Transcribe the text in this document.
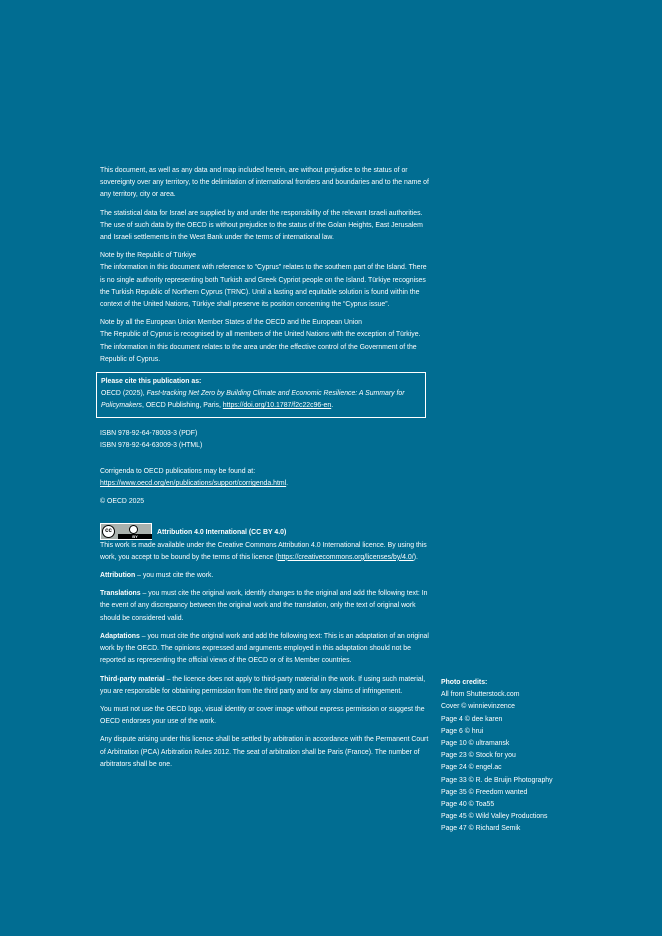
This document, as well as any data and map included herein, are without prejudice to the status of or sovereignty over any territory, to the delimitation of international frontiers and boundaries and to the name of any territory, city or area.

The statistical data for Israel are supplied by and under the responsibility of the relevant Israeli authorities. The use of such data by the OECD is without prejudice to the status of the Golan Heights, East Jerusalem and Israeli settlements in the West Bank under the terms of international law.

Note by the Republic of Türkiye

The information in this document with reference to “Cyprus” relates to the southern part of the Island. There is no single authority representing both Turkish and Greek Cypriot people on the Island. Türkiye recognises the Turkish Republic of Northern Cyprus (TRNC). Until a lasting and equitable solution is found within the context of the United Nations, Türkiye shall preserve its position concerning the “Cyprus issue”.

Note by all the European Union Member States of the OECD and the European Union

The Republic of Cyprus is recognised by all members of the United Nations with the exception of Türkiye. The information in this document relates to the area under the effective control of the Government of the Republic of Cyprus.

Please cite this publication as:
OECD (2025), Fast-tracking Net Zero by Building Climate and Economic Resilience: A Summary for Policymakers, OECD Publishing, Paris, https://doi.org/10.1787/f2c22c96-en.
ISBN 978-92-64-78003-3 (PDF)
ISBN 978-92-64-63009-3 (HTML)
Corrigenda to OECD publications may be found at:
https://www.oecd.org/en/publications/support/corrigenda.html.

© OECD 2025

cc
BY	Attribution 4.0 International (CC BY 4.0)

This work is made available under the Creative Commons Attribution 4.0 International licence. By using this work, you accept to be bound by the terms of this licence (https://creativecommons.org/licenses/by/4.0/).

Attribution – you must cite the work.

Translations – you must cite the original work, identify changes to the original and add the following text: In the event of any discrepancy between the original work and the translation, only the text of original work should be considered valid.

Adaptations – you must cite the original work and add the following text: This is an adaptation of an original work by the OECD. The opinions expressed and arguments employed in this adaptation should not be reported as representing the official views of the OECD or of its Member countries.

Third-party material – the licence does not apply to third-party material in the work. If using such material, you are responsible for obtaining permission from the third party and for any claims of infringement.

You must not use the OECD logo, visual identity or cover image without express permission or suggest the OECD endorses your use of the work.

Any dispute arising under this licence shall be settled by arbitration in accordance with the Permanent Court of Arbitration (PCA) Arbitration Rules 2012. The seat of arbitration shall be Paris (France). The number of arbitrators shall be one.

Photo credits:
All from Shutterstock.com
Cover © winnievinzence
Page 4 © dee karen
Page 6 © hrui
Page 10 © ultramansk
Page 23 © Stock for you
Page 24 © engel.ac
Page 33 © R. de Bruijn Photography
Page 35 © Freedom wanted
Page 40 © Toa55
Page 45 © Wild Valley Productions
Page 47 © Richard Semik
